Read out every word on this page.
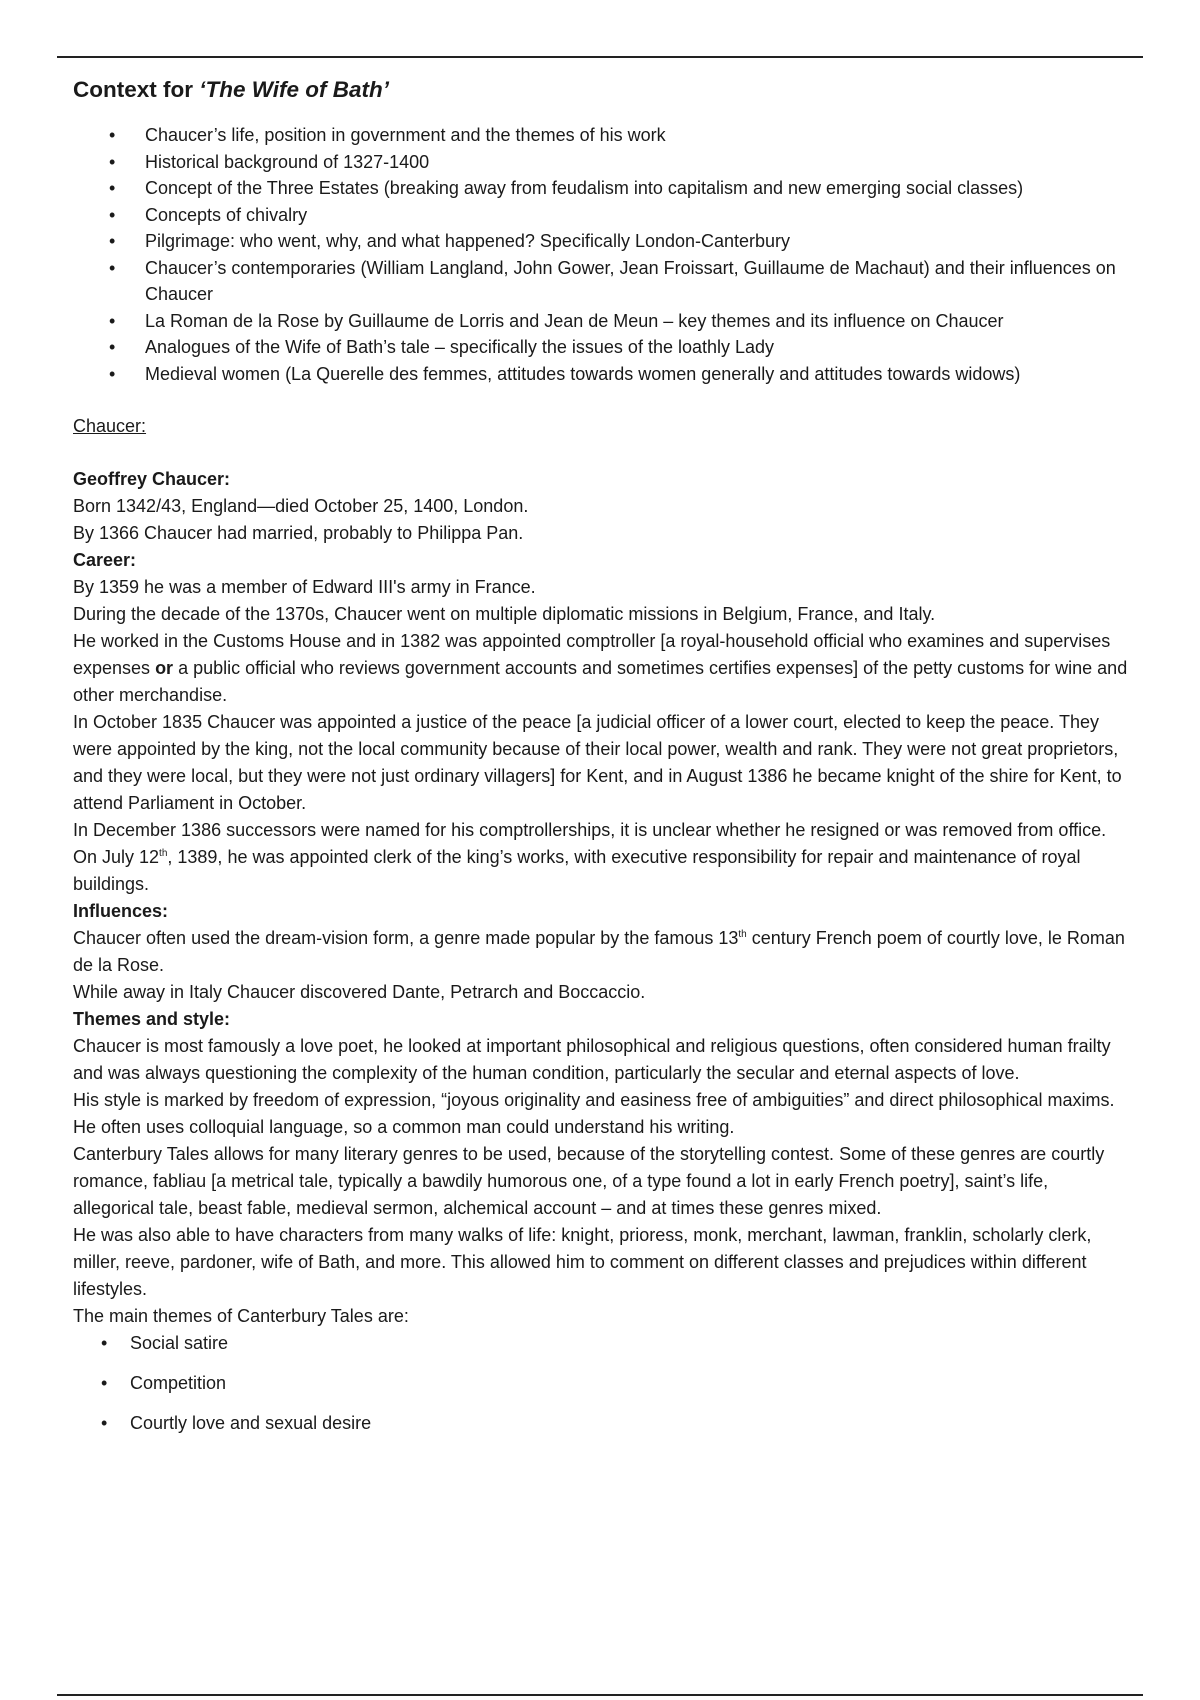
Context for ‘The Wife of Bath’
• Chaucer’s life, position in government and the themes of his work
• Historical background of 1327-1400
• Concept of the Three Estates (breaking away from feudalism into capitalism and new emerging social classes)
• Concepts of chivalry
• Pilgrimage: who went, why, and what happened? Specifically London-Canterbury
• Chaucer’s contemporaries (William Langland, John Gower, Jean Froissart, Guillaume de Machaut) and their influences on Chaucer
• La Roman de la Rose by Guillaume de Lorris and Jean de Meun – key themes and its influence on Chaucer
• Analogues of the Wife of Bath’s tale – specifically the issues of the loathly Lady
• Medieval women (La Querelle des femmes, attitudes towards women generally and attitudes towards widows)
Chaucer:

Geoffrey Chaucer:

Born 1342/43, England—died October 25, 1400, London.

By 1366 Chaucer had married, probably to Philippa Pan.

Career:

By 1359 he was a member of Edward III's army in France.

During the decade of the 1370s, Chaucer went on multiple diplomatic missions in Belgium, France, and Italy.

He worked in the Customs House and in 1382 was appointed comptroller [a royal-household official who examines and supervises expenses or a public official who reviews government accounts and sometimes certifies expenses] of the petty customs for wine and other merchandise.

In October 1835 Chaucer was appointed a justice of the peace [a judicial officer of a lower court, elected to keep the peace. They were appointed by the king, not the local community because of their local power, wealth and rank. They were not great proprietors, and they were local, but they were not just ordinary villagers] for Kent, and in August 1386 he became knight of the shire for Kent, to attend Parliament in October.

In December 1386 successors were named for his comptrollerships, it is unclear whether he resigned or was removed from office.

On July 12th, 1389, he was appointed clerk of the king’s works, with executive responsibility for repair and maintenance of royal buildings.

Influences:

Chaucer often used the dream-vision form, a genre made popular by the famous 13th century French poem of courtly love, le Roman de la Rose.

While away in Italy Chaucer discovered Dante, Petrarch and Boccaccio.

Themes and style:

Chaucer is most famously a love poet, he looked at important philosophical and religious questions, often considered human frailty and was always questioning the complexity of the human condition, particularly the secular and eternal aspects of love.

His style is marked by freedom of expression, “joyous originality and easiness free of ambiguities” and direct philosophical maxims. He often uses colloquial language, so a common man could understand his writing.

Canterbury Tales allows for many literary genres to be used, because of the storytelling contest. Some of these genres are courtly romance, fabliau [a metrical tale, typically a bawdily humorous one, of a type found a lot in early French poetry], saint’s life, allegorical tale, beast fable, medieval sermon, alchemical account – and at times these genres mixed.

He was also able to have characters from many walks of life: knight, prioress, monk, merchant, lawman, franklin, scholarly clerk, miller, reeve, pardoner, wife of Bath, and more. This allowed him to comment on different classes and prejudices within different lifestyles.

The main themes of Canterbury Tales are:

• Social satire
• Competition
• Courtly love and sexual desire
